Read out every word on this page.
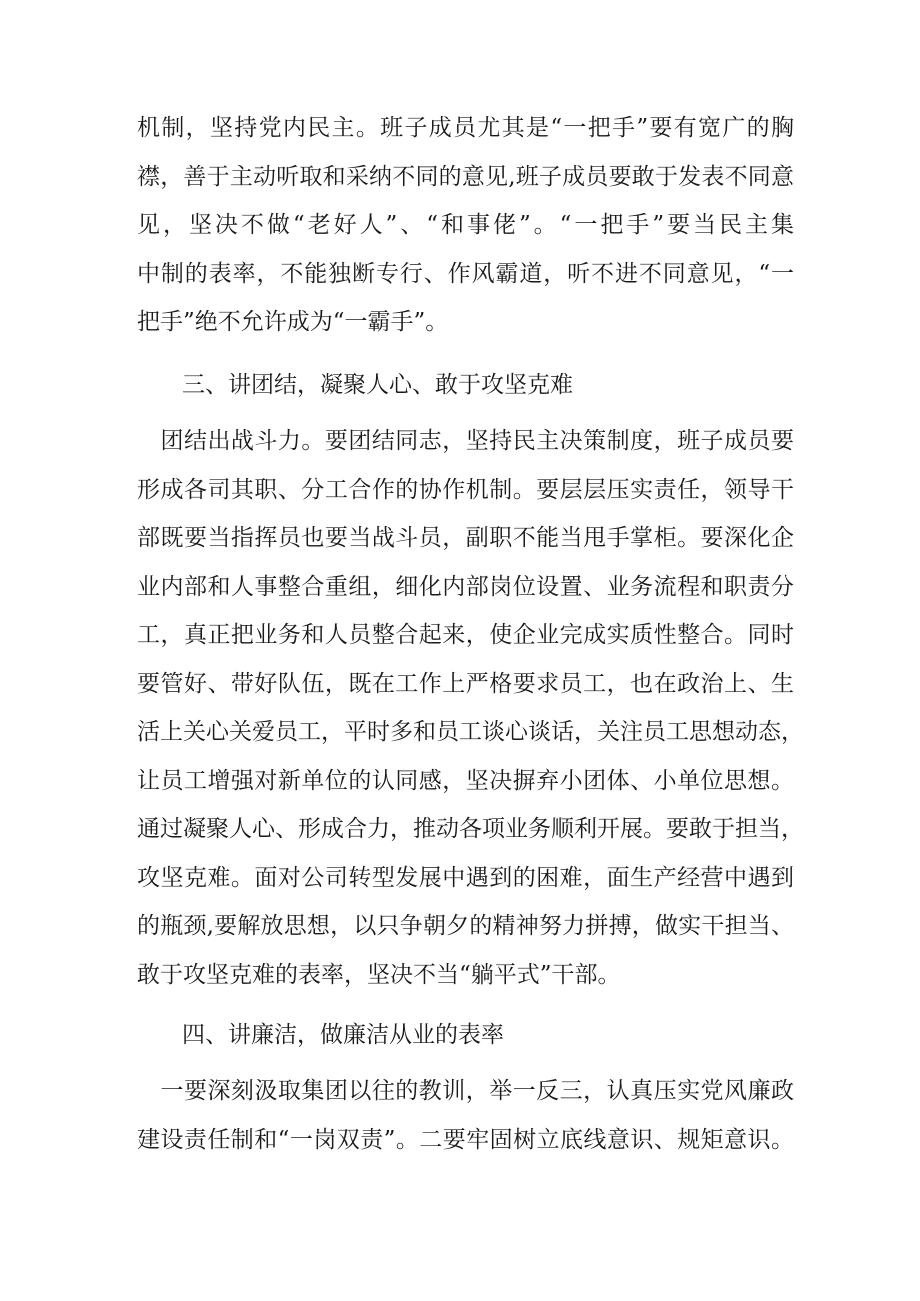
机制，坚持党内民主。班子成员尤其是“一把手”要有宽广的胸
襟，善于主动听取和采纳不同的意见,班子成员要敢于发表不同意
见，坚决不做“老好人”、“和事佬”。“一把手”要当民主集
中制的表率，不能独断专行、作风霸道，听不进不同意见，“一
把手”绝不允许成为“一霸手”。
三、讲团结，凝聚人心、敢于攻坚克难
　团结出战斗力。要团结同志，坚持民主决策制度，班子成员要
形成各司其职、分工合作的协作机制。要层层压实责任，领导干
部既要当指挥员也要当战斗员，副职不能当甩手掌柜。要深化企
业内部和人事整合重组，细化内部岗位设置、业务流程和职责分
工，真正把业务和人员整合起来，使企业完成实质性整合。同时
要管好、带好队伍，既在工作上严格要求员工，也在政治上、生
活上关心关爱员工，平时多和员工谈心谈话，关注员工思想动态，
让员工增强对新单位的认同感，坚决摒弃小团体、小单位思想。
通过凝聚人心、形成合力，推动各项业务顺利开展。要敢于担当，
攻坚克难。面对公司转型发展中遇到的困难，面生产经营中遇到
的瓶颈,要解放思想，以只争朝夕的精神努力拼搏，做实干担当、
敢于攻坚克难的表率，坚决不当“躺平式”干部。
四、讲廉洁，做廉洁从业的表率
　一要深刻汲取集团以往的教训，举一反三，认真压实党风廉政
建设责任制和“一岗双责”。二要牢固树立底线意识、规矩意识。
